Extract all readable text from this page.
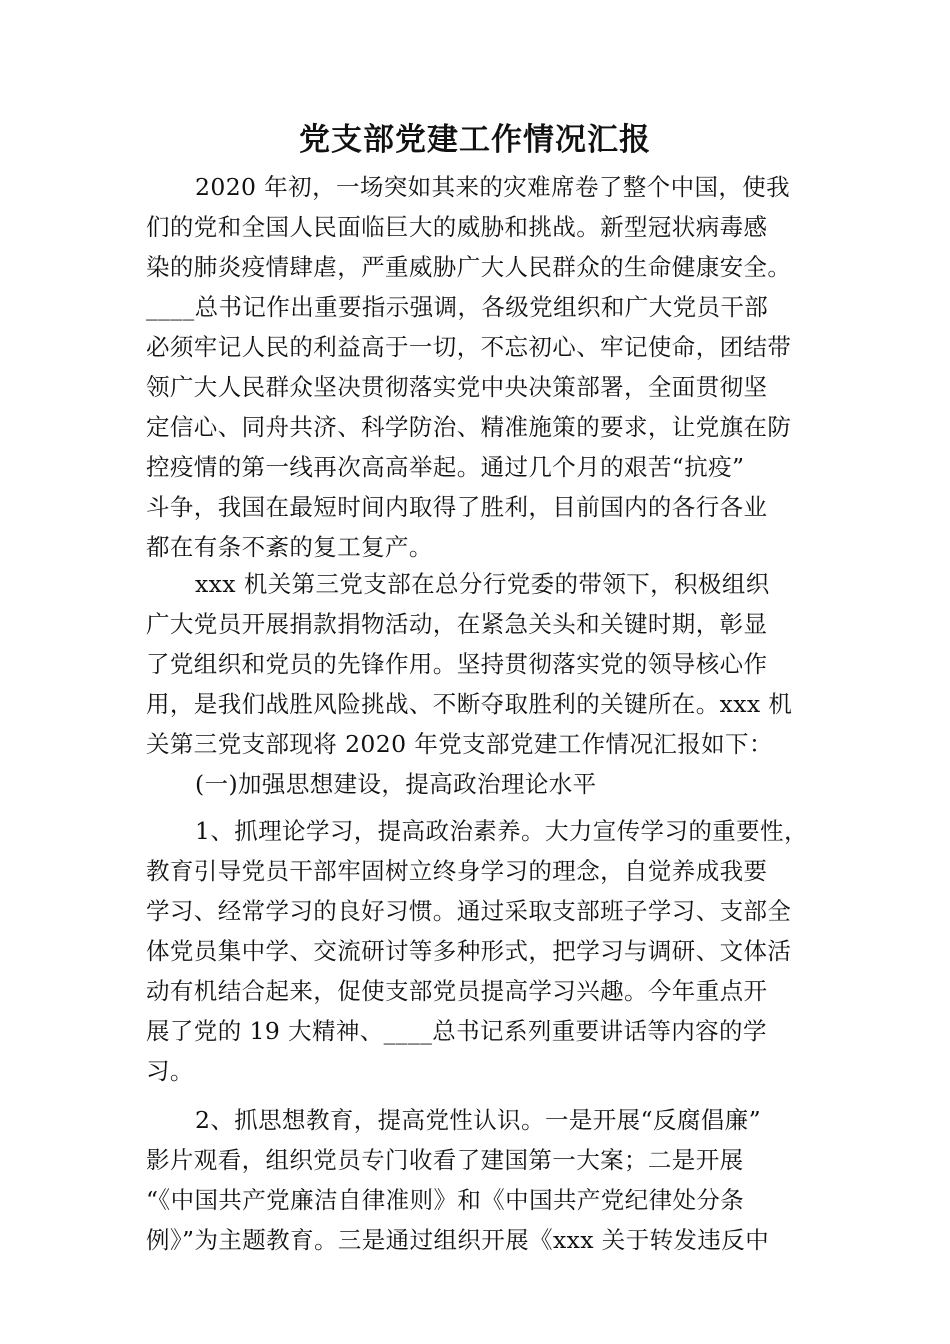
党支部党建工作情况汇报

2020 年初，一场突如其来的灾难席卷了整个中国，使我

们的党和全国人民面临巨大的威胁和挑战。新型冠状病毒感

染的肺炎疫情肆虐，严重威胁广大人民群众的生命健康安全。

____总书记作出重要指示强调，各级党组织和广大党员干部

必须牢记人民的利益高于一切，不忘初心、牢记使命，团结带

领广大人民群众坚决贯彻落实党中央决策部署，全面贯彻坚

定信心、同舟共济、科学防治、精准施策的要求，让党旗在防

控疫情的第一线再次高高举起。通过几个月的艰苦“抗疫”

斗争，我国在最短时间内取得了胜利，目前国内的各行各业

都在有条不紊的复工复产。

xxx 机关第三党支部在总分行党委的带领下，积极组织

广大党员开展捐款捐物活动，在紧急关头和关键时期，彰显

了党组织和党员的先锋作用。坚持贯彻落实党的领导核心作

用，是我们战胜风险挑战、不断夺取胜利的关键所在。xxx 机

关第三党支部现将 2020 年党支部党建工作情况汇报如下：

(一)加强思想建设，提高政治理论水平

1、抓理论学习，提高政治素养。大力宣传学习的重要性，

教育引导党员干部牢固树立终身学习的理念，自觉养成我要

学习、经常学习的良好习惯。通过采取支部班子学习、支部全

体党员集中学、交流研讨等多种形式，把学习与调研、文体活

动有机结合起来，促使支部党员提高学习兴趣。今年重点开

展了党的 19 大精神、____总书记系列重要讲话等内容的学

习。

2、抓思想教育，提高党性认识。一是开展“反腐倡廉”

影片观看，组织党员专门收看了建国第一大案；二是开展

“《中国共产党廉洁自律准则》和《中国共产党纪律处分条

例》”为主题教育。三是通过组织开展《xxx 关于转发违反中
